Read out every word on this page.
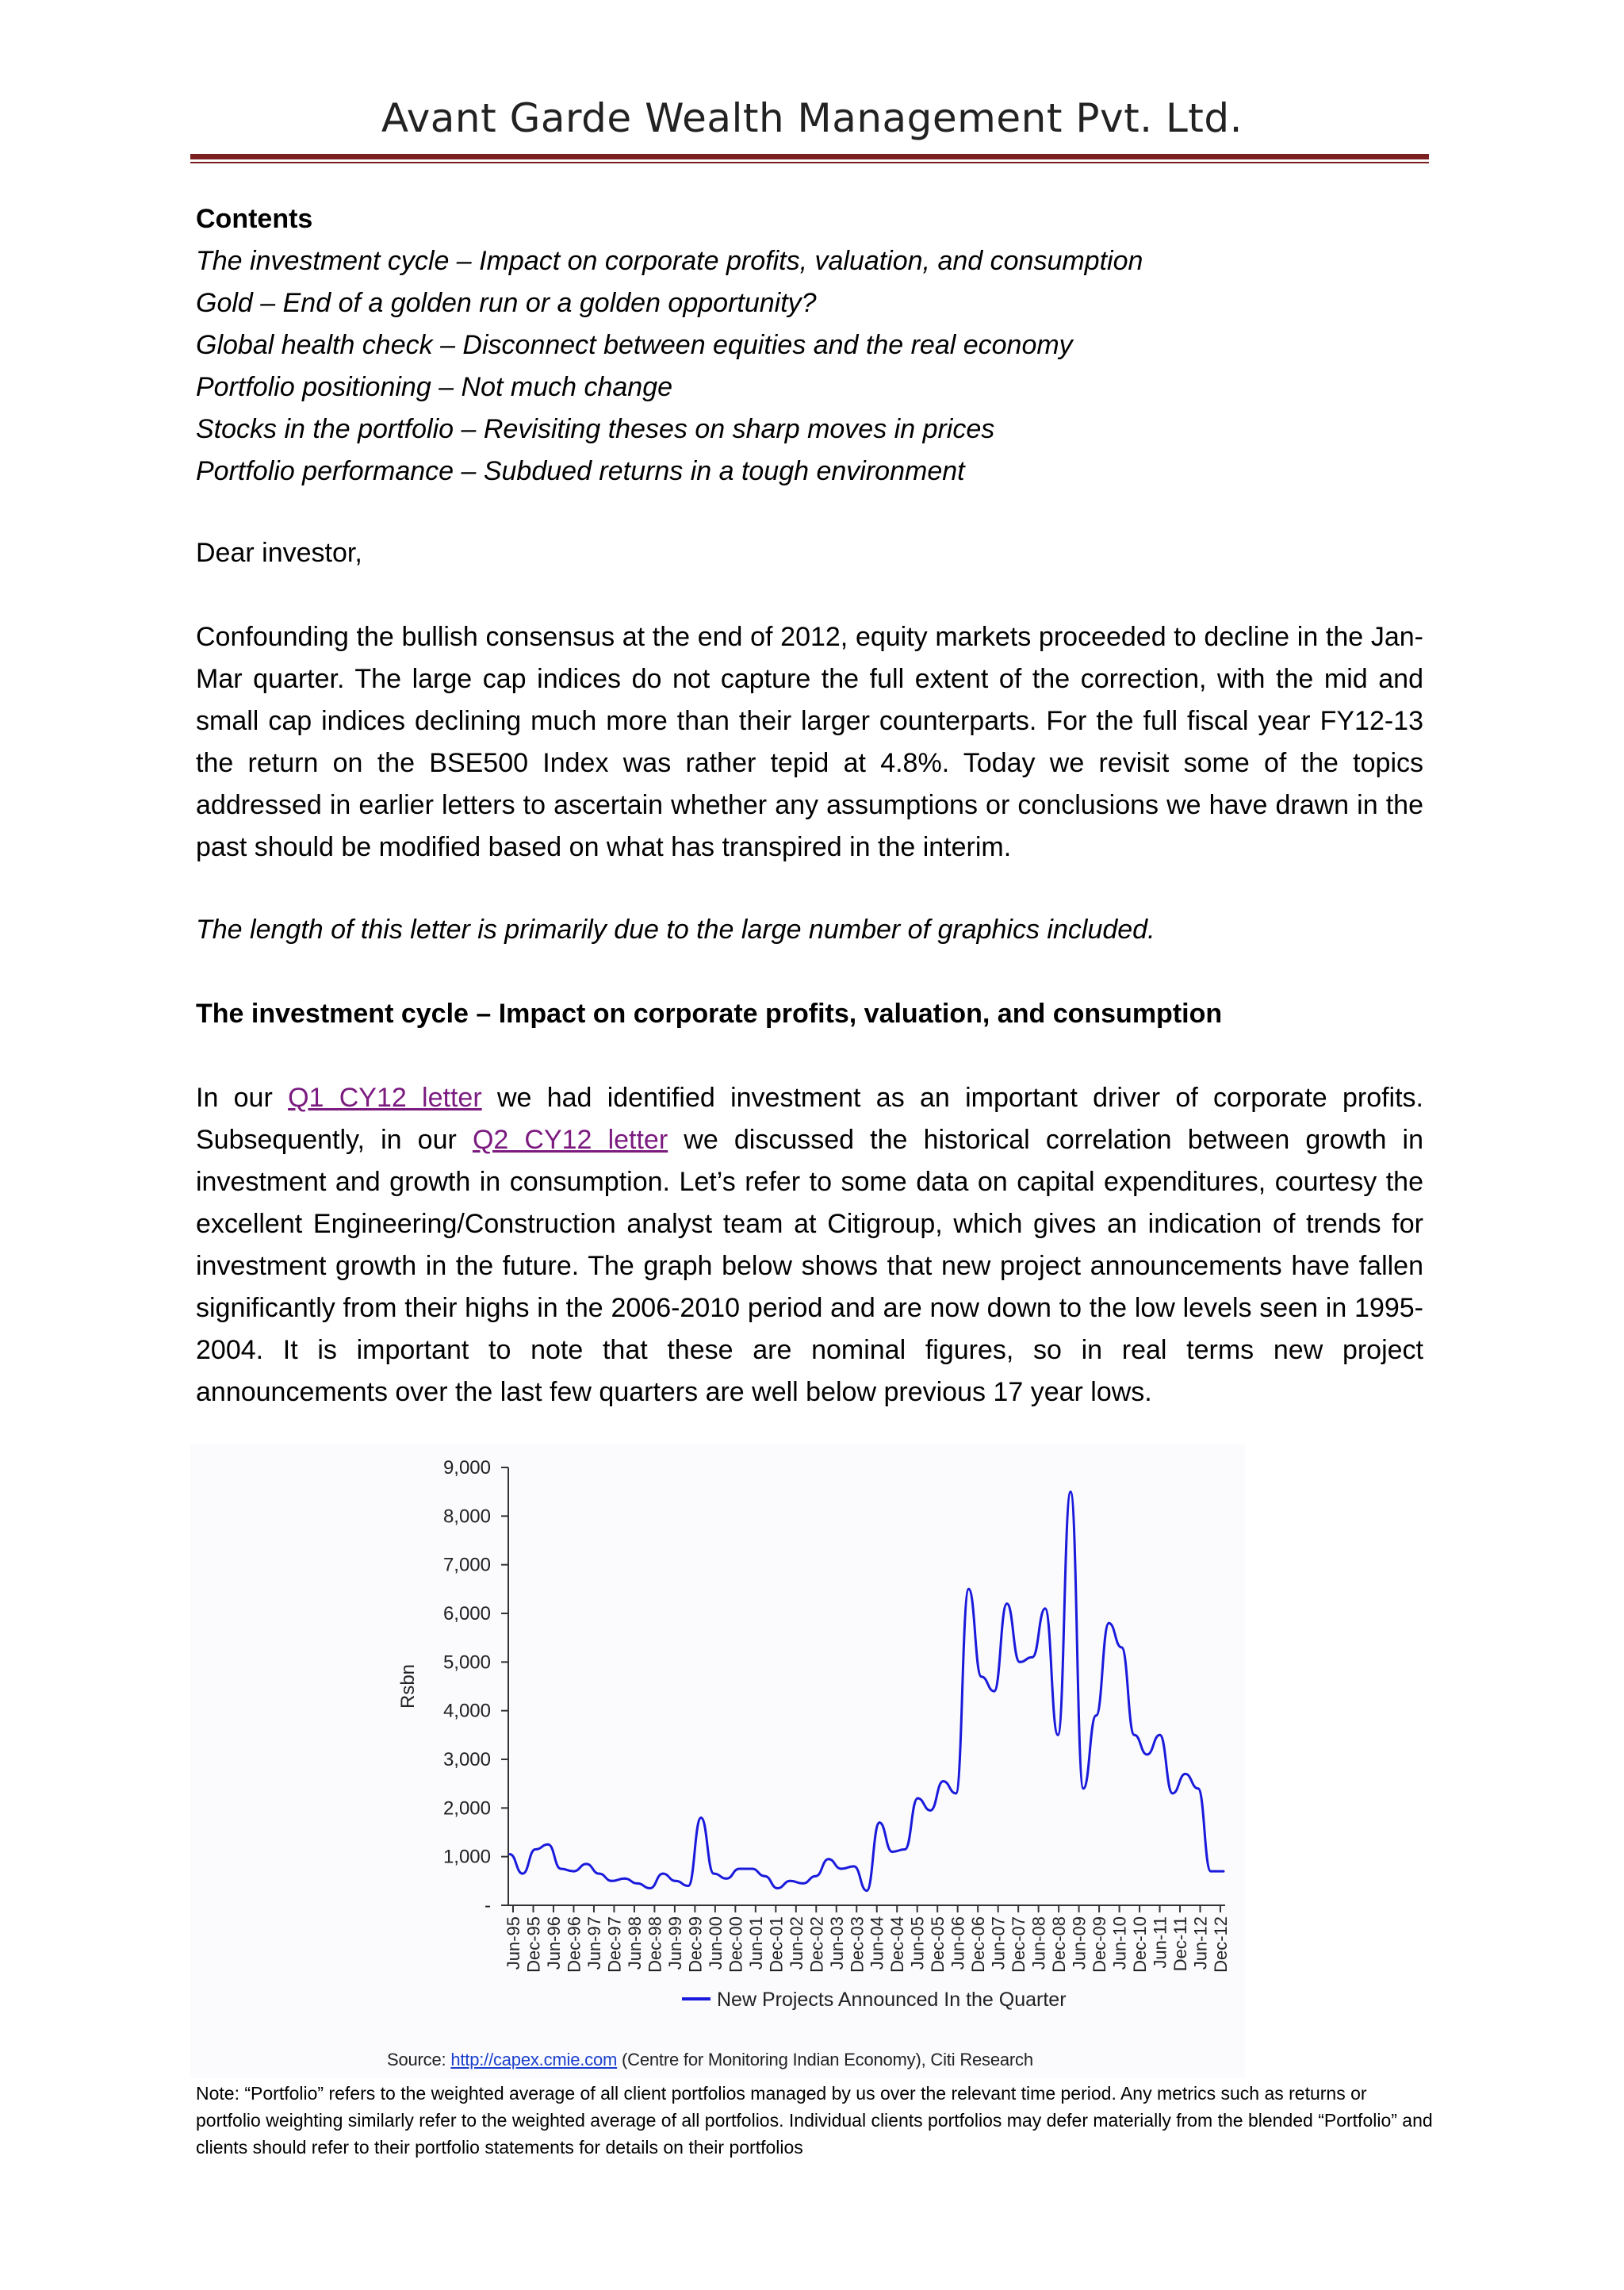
Avant Garde Wealth Management Pvt. Ltd.
Contents
The investment cycle – Impact on corporate profits, valuation, and consumption
Gold – End of a golden run or a golden opportunity?
Global health check – Disconnect between equities and the real economy
Portfolio positioning – Not much change
Stocks in the portfolio – Revisiting theses on sharp moves in prices
Portfolio performance – Subdued returns in a tough environment
Dear investor,
Confounding the bullish consensus at the end of 2012, equity markets proceeded to decline in the Jan-Mar quarter. The large cap indices do not capture the full extent of the correction, with the mid and small cap indices declining much more than their larger counterparts. For the full fiscal year FY12-13 the return on the BSE500 Index was rather tepid at 4.8%. Today we revisit some of the topics addressed in earlier letters to ascertain whether any assumptions or conclusions we have drawn in the past should be modified based on what has transpired in the interim.
The length of this letter is primarily due to the large number of graphics included.
The investment cycle – Impact on corporate profits, valuation, and consumption
In our Q1 CY12 letter we had identified investment as an important driver of corporate profits. Subsequently, in our Q2 CY12 letter we discussed the historical correlation between growth in investment and growth in consumption. Let’s refer to some data on capital expenditures, courtesy the excellent Engineering/Construction analyst team at Citigroup, which gives an indication of trends for investment growth in the future. The graph below shows that new project announcements have fallen significantly from their highs in the 2006-2010 period and are now down to the low levels seen in 1995-2004. It is important to note that these are nominal figures, so in real terms new project announcements over the last few quarters are well below previous 17 year lows.
-
1,000
2,000
3,000
4,000
5,000
6,000
7,000
8,000
9,000
Rsbn
Jun-95 Dec-95 Jun-96 Dec-96 Jun-97 Dec-97 Jun-98 Dec-98 Jun-99 Dec-99 Jun-00 Dec-00 Jun-01 Dec-01 Jun-02 Dec-02 Jun-03 Dec-03 Jun-04 Dec-04 Jun-05 Dec-05 Jun-06 Dec-06 Jun-07 Dec-07 Jun-08 Dec-08 Jun-09 Dec-09 Jun-10 Dec-10 Jun-11 Dec-11 Jun-12 Dec-12
New Projects Announced In the Quarter
Source: http://capex.cmie.com (Centre for Monitoring Indian Economy), Citi Research
Note: “Portfolio” refers to the weighted average of all client portfolios managed by us over the relevant time period. Any metrics such as returns or portfolio weighting similarly refer to the weighted average of all portfolios. Individual clients portfolios may defer materially from the blended “Portfolio” and clients should refer to their portfolio statements for details on their portfolios
